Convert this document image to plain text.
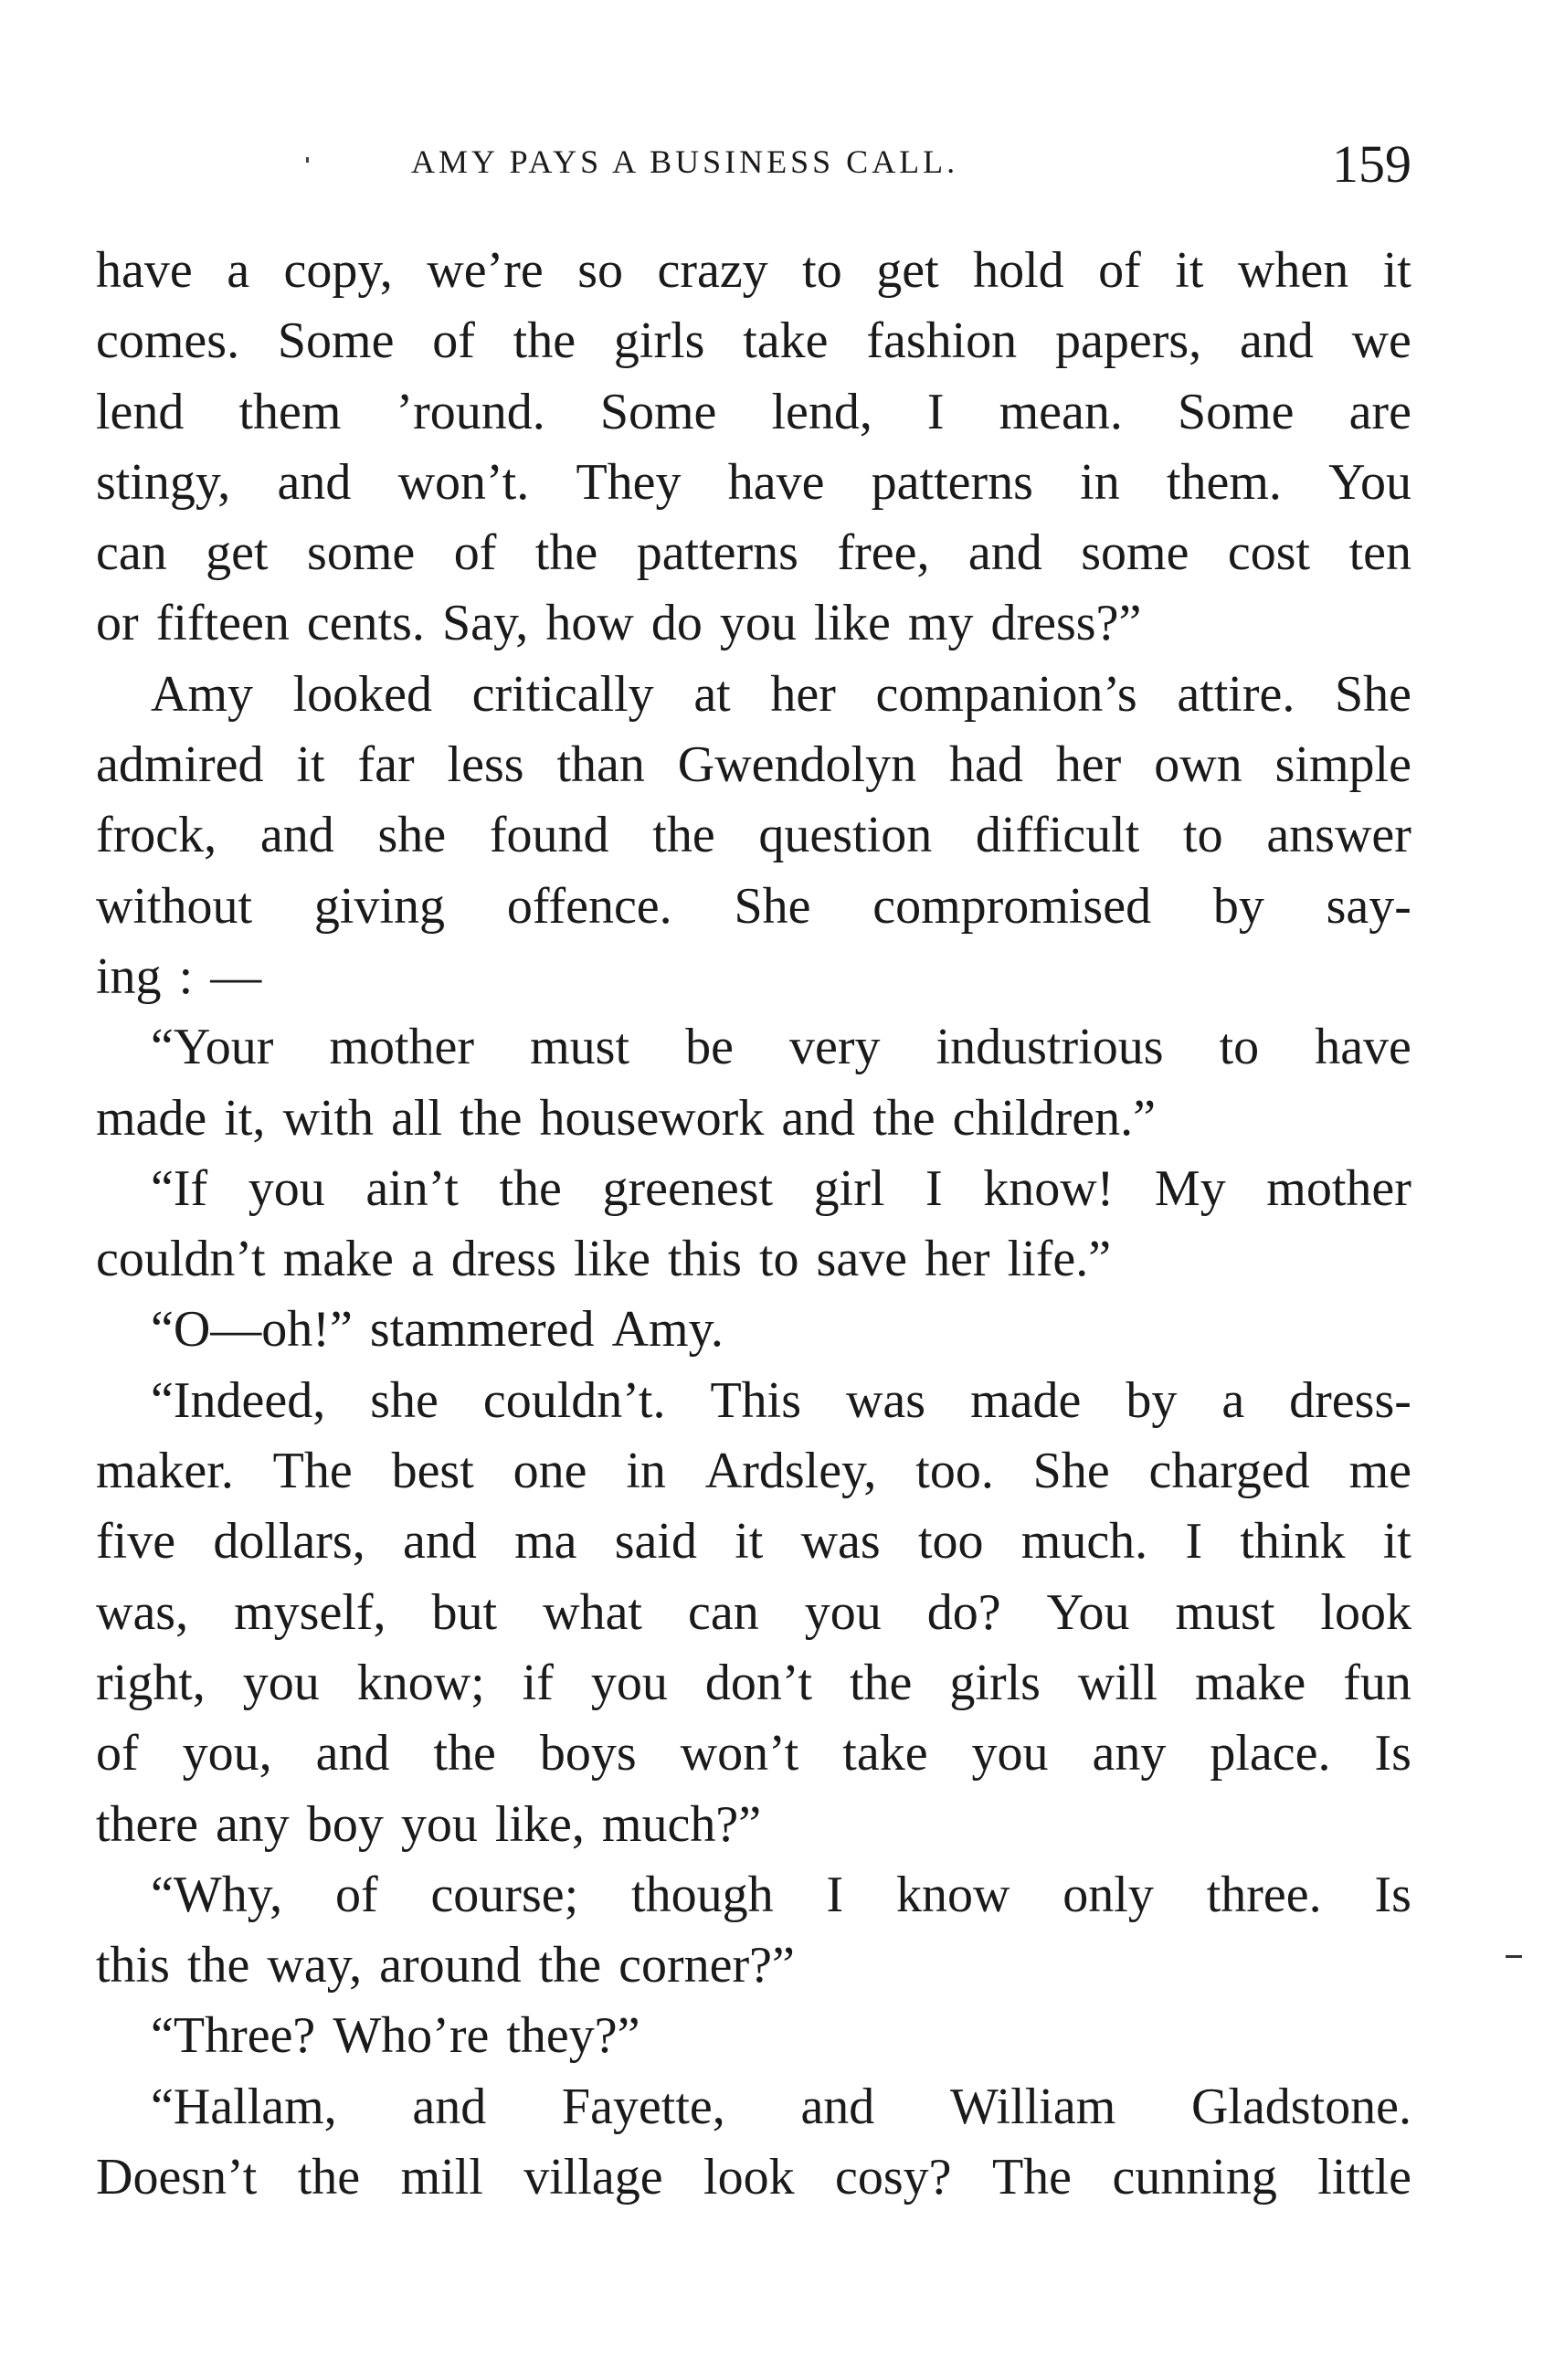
AMY PAYS A BUSINESS CALL.	159
have a copy, we’re so crazy to get hold of it when it
comes. Some of the girls take fashion papers, and we
lend them ’round. Some lend, I mean. Some are
stingy, and won’t. They have patterns in them. You
can get some of the patterns free, and some cost ten
or fifteen cents. Say, how do you like my dress?”
Amy looked critically at her companion’s attire. She
admired it far less than Gwendolyn had her own simple
frock, and she found the question difficult to answer
without giving offence. She compromised by say-
ing : —
“Your mother must be very industrious to have
made it, with all the housework and the children.”
“If you ain’t the greenest girl I know! My mother
couldn’t make a dress like this to save her life.”
“O—oh!” stammered Amy.
“Indeed, she couldn’t. This was made by a dress-
maker. The best one in Ardsley, too. She charged me
five dollars, and ma said it was too much. I think it
was, myself, but what can you do? You must look
right, you know; if you don’t the girls will make fun
of you, and the boys won’t take you any place. Is
there any boy you like, much?”
“Why, of course; though I know only three. Is
this the way, around the corner?”
“Three? Who’re they?”
“Hallam, and Fayette, and William Gladstone.
Doesn’t the mill village look cosy? The cunning little
